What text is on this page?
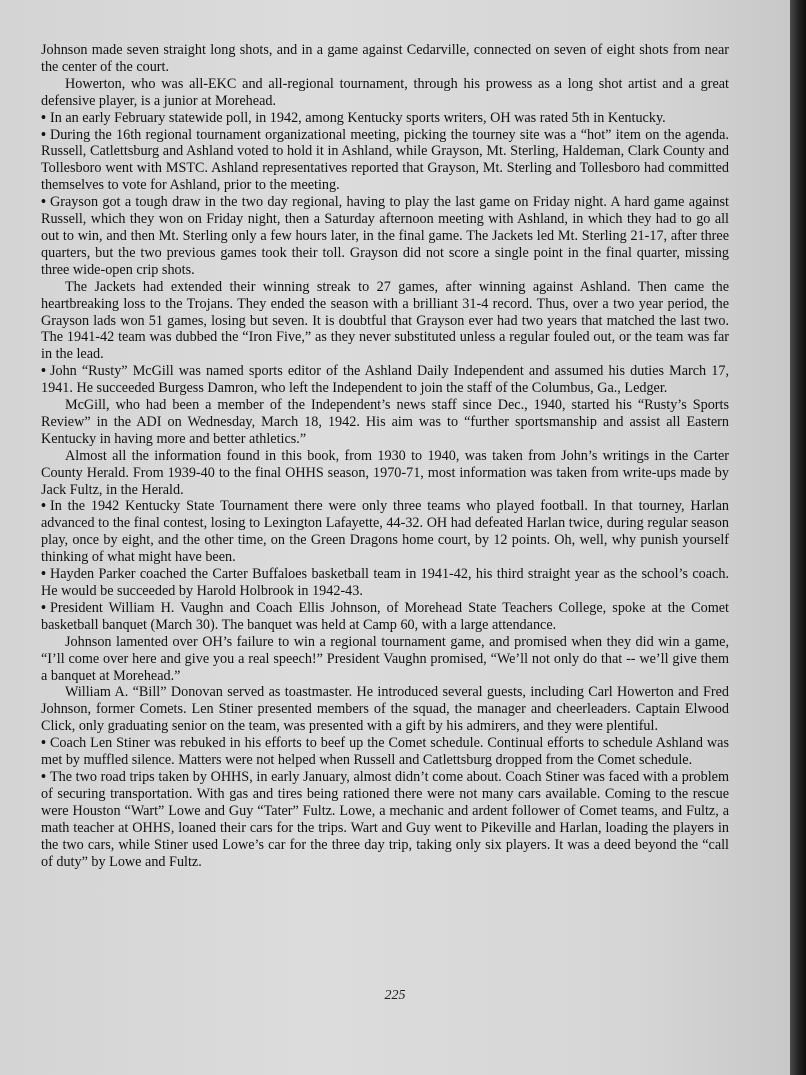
Johnson made seven straight long shots, and in a game against Cedarville, connected on seven of eight shots from near the center of the court.

Howerton, who was all-EKC and all-regional tournament, through his prowess as a long shot artist and a great defensive player, is a junior at Morehead.

• In an early February statewide poll, in 1942, among Kentucky sports writers, OH was rated 5th in Kentucky.

• During the 16th regional tournament organizational meeting, picking the tourney site was a “hot” item on the agenda. Russell, Catlettsburg and Ashland voted to hold it in Ashland, while Grayson, Mt. Sterling, Haldeman, Clark County and Tollesboro went with MSTC. Ashland representatives reported that Grayson, Mt. Sterling and Tollesboro had committed themselves to vote for Ashland, prior to the meeting.

• Grayson got a tough draw in the two day regional, having to play the last game on Friday night. A hard game against Russell, which they won on Friday night, then a Saturday afternoon meeting with Ashland, in which they had to go all out to win, and then Mt. Sterling only a few hours later, in the final game. The Jackets led Mt. Sterling 21-17, after three quarters, but the two previous games took their toll. Grayson did not score a single point in the final quarter, missing three wide-open crip shots.

The Jackets had extended their winning streak to 27 games, after winning against Ashland. Then came the heartbreaking loss to the Trojans. They ended the season with a brilliant 31-4 record. Thus, over a two year period, the Grayson lads won 51 games, losing but seven. It is doubtful that Grayson ever had two years that matched the last two. The 1941-42 team was dubbed the “Iron Five,” as they never substituted unless a regular fouled out, or the team was far in the lead.

• John “Rusty” McGill was named sports editor of the Ashland Daily Independent and assumed his duties March 17, 1941. He succeeded Burgess Damron, who left the Independent to join the staff of the Columbus, Ga., Ledger.

McGill, who had been a member of the Independent’s news staff since Dec., 1940, started his “Rusty’s Sports Review” in the ADI on Wednesday, March 18, 1942. His aim was to “further sportsmanship and assist all Eastern Kentucky in having more and better athletics.”

Almost all the information found in this book, from 1930 to 1940, was taken from John’s writings in the Carter County Herald. From 1939-40 to the final OHHS season, 1970-71, most information was taken from write-ups made by Jack Fultz, in the Herald.

• In the 1942 Kentucky State Tournament there were only three teams who played football. In that tourney, Harlan advanced to the final contest, losing to Lexington Lafayette, 44-32. OH had defeated Harlan twice, during regular season play, once by eight, and the other time, on the Green Dragons home court, by 12 points. Oh, well, why punish yourself thinking of what might have been.

• Hayden Parker coached the Carter Buffaloes basketball team in 1941-42, his third straight year as the school’s coach. He would be succeeded by Harold Holbrook in 1942-43.

• President William H. Vaughn and Coach Ellis Johnson, of Morehead State Teachers College, spoke at the Comet basketball banquet (March 30). The banquet was held at Camp 60, with a large attendance.

Johnson lamented over OH’s failure to win a regional tournament game, and promised when they did win a game, “I’ll come over here and give you a real speech!” President Vaughn promised, “We’ll not only do that -- we’ll give them a banquet at Morehead.”

William A. “Bill” Donovan served as toastmaster. He introduced several guests, including Carl Howerton and Fred Johnson, former Comets. Len Stiner presented members of the squad, the manager and cheerleaders. Captain Elwood Click, only graduating senior on the team, was presented with a gift by his admirers, and they were plentiful.

• Coach Len Stiner was rebuked in his efforts to beef up the Comet schedule. Continual efforts to schedule Ashland was met by muffled silence. Matters were not helped when Russell and Catlettsburg dropped from the Comet schedule.

• The two road trips taken by OHHS, in early January, almost didn’t come about. Coach Stiner was faced with a problem of securing transportation. With gas and tires being rationed there were not many cars available. Coming to the rescue were Houston “Wart” Lowe and Guy “Tater” Fultz. Lowe, a mechanic and ardent follower of Comet teams, and Fultz, a math teacher at OHHS, loaned their cars for the trips. Wart and Guy went to Pikeville and Harlan, loading the players in the two cars, while Stiner used Lowe’s car for the three day trip, taking only six players. It was a deed beyond the “call of duty” by Lowe and Fultz.

225
